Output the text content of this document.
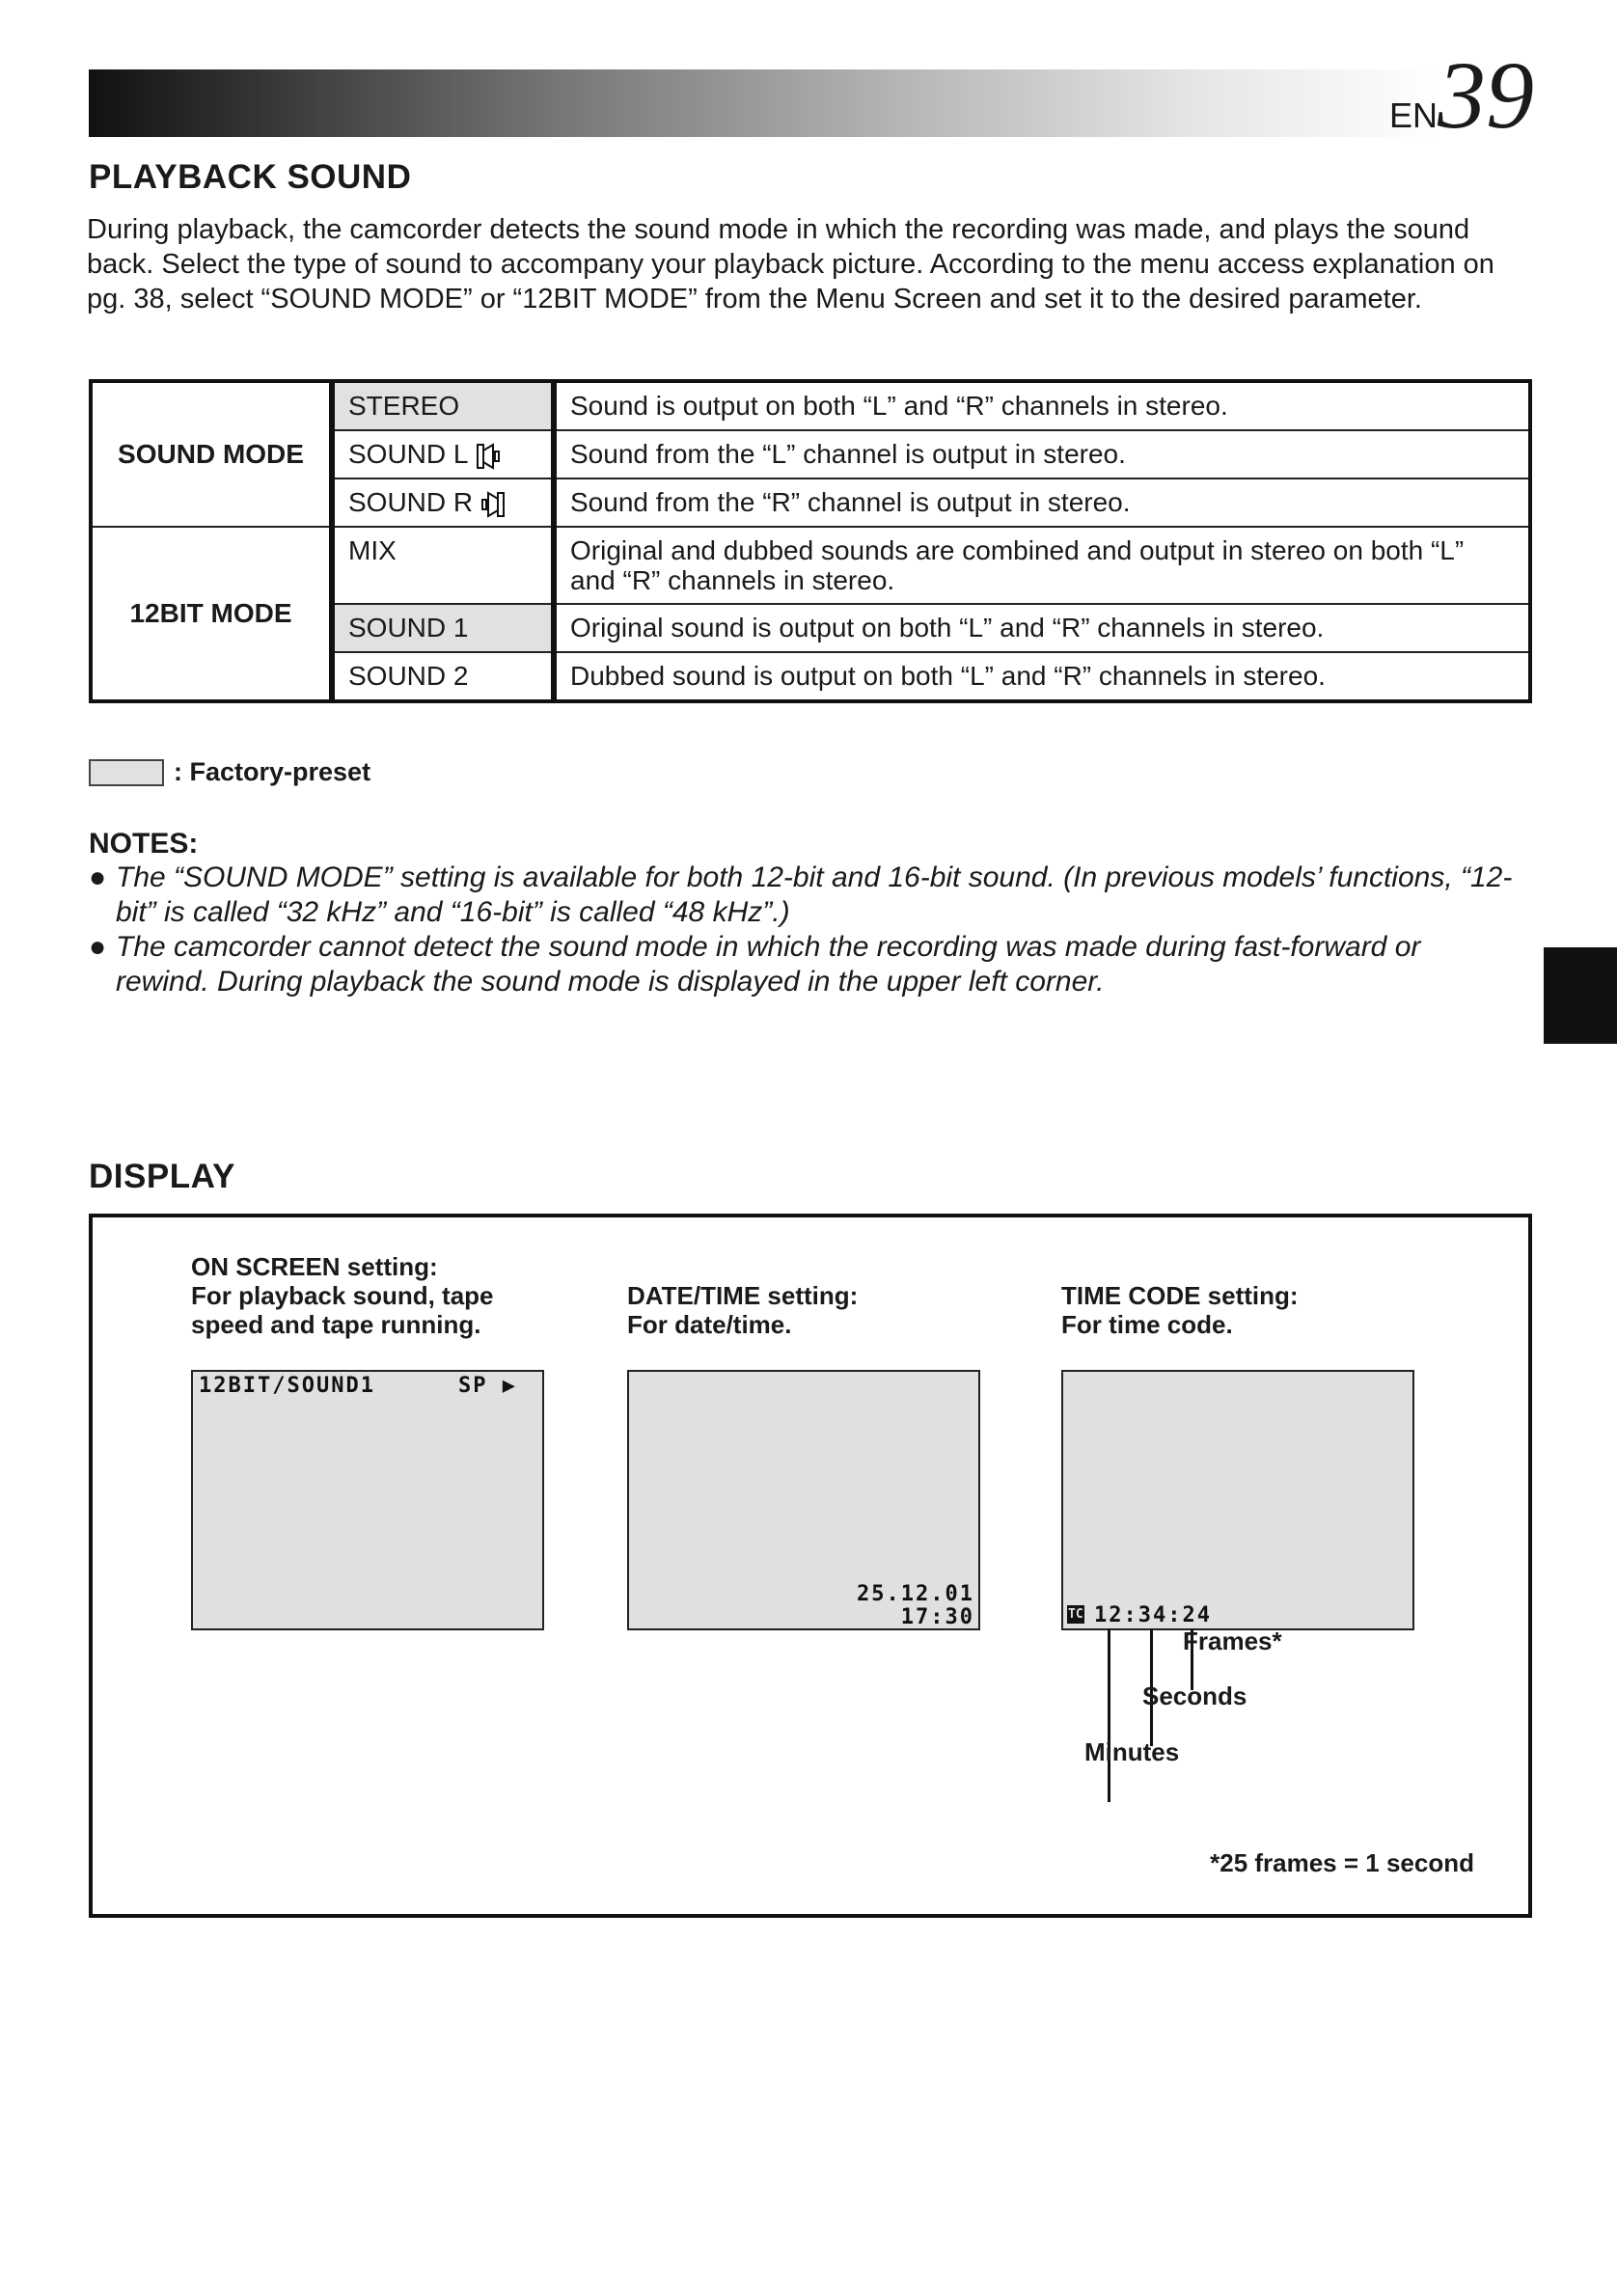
EN39
PLAYBACK SOUND

During playback, the camcorder detects the sound mode in which the recording was made, and plays the sound back. Select the type of sound to accompany your playback picture. According to the menu access explanation on pg. 38, select “SOUND MODE” or “12BIT MODE” from the Menu Screen and set it to the desired parameter.

SOUND MODE	STEREO	Sound is output on both “L” and “R” channels in stereo.
	SOUND L	Sound from the “L” channel is output in stereo.
	SOUND R	Sound from the “R” channel is output in stereo.
12BIT MODE	MIX	Original and dubbed sounds are combined and output in stereo on both “L” and “R” channels in stereo.
	SOUND 1	Original sound is output on both “L” and “R” channels in stereo.
	SOUND 2	Dubbed sound is output on both “L” and “R” channels in stereo.
: Factory-preset
NOTES:
● The “SOUND MODE” setting is available for both 12-bit and 16-bit sound. (In previous models’ functions, “12-bit” is called “32 kHz” and “16-bit” is called “48 kHz”.)
● The camcorder cannot detect the sound mode in which the recording was made during fast-forward or rewind. During playback the sound mode is displayed in the upper left corner.
DISPLAY
ON SCREEN setting:
For playback sound, tape
speed and tape running.
12BIT/SOUND1	SP ▶
DATE/TIME setting:
For date/time.
25.12.01
17:30
TIME CODE setting:
For time code.
TC 12:34:24
Frames*
Seconds
Minutes
*25 frames = 1 second
